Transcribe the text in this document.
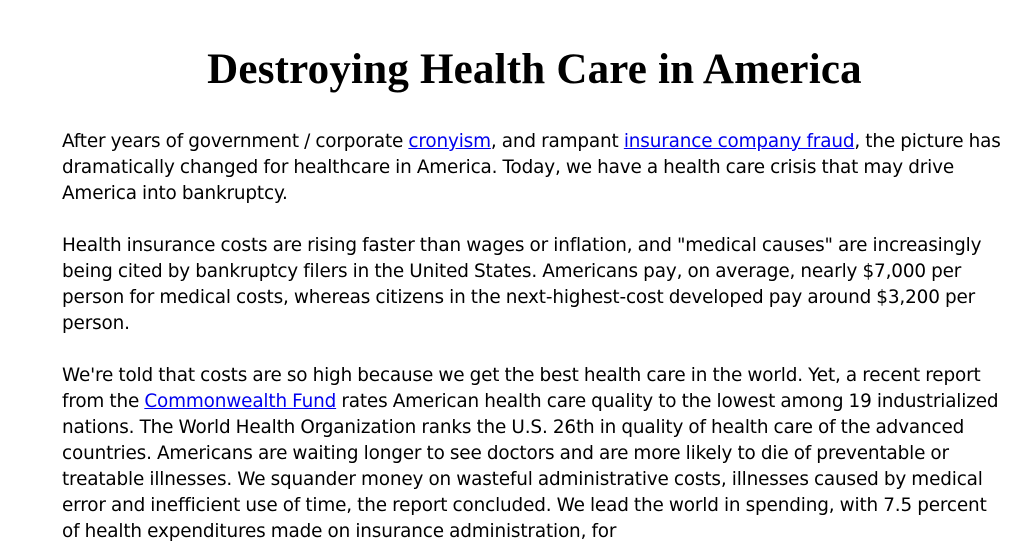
Destroying Health Care in America

After years of government / corporate cronyism, and rampant insurance company fraud, the picture has dramatically changed for healthcare in America. Today, we have a health care crisis that may drive America into bankruptcy.

Health insurance costs are rising faster than wages or inflation, and "medical causes" are increasingly being cited by bankruptcy filers in the United States. Americans pay, on average, nearly $7,000 per person for medical costs, whereas citizens in the next-highest-cost developed pay around $3,200 per person.

We're told that costs are so high because we get the best health care in the world. Yet, a recent report from the Commonwealth Fund rates American health care quality to the lowest among 19 industrialized nations. The World Health Organization ranks the U.S. 26th in quality of health care of the advanced countries. Americans are waiting longer to see doctors and are more likely to die of preventable or treatable illnesses. We squander money on wasteful administrative costs, illnesses caused by medical error and inefficient use of time, the report concluded. We lead the world in spending, with 7.5 percent of health expenditures made on insurance administration, for
